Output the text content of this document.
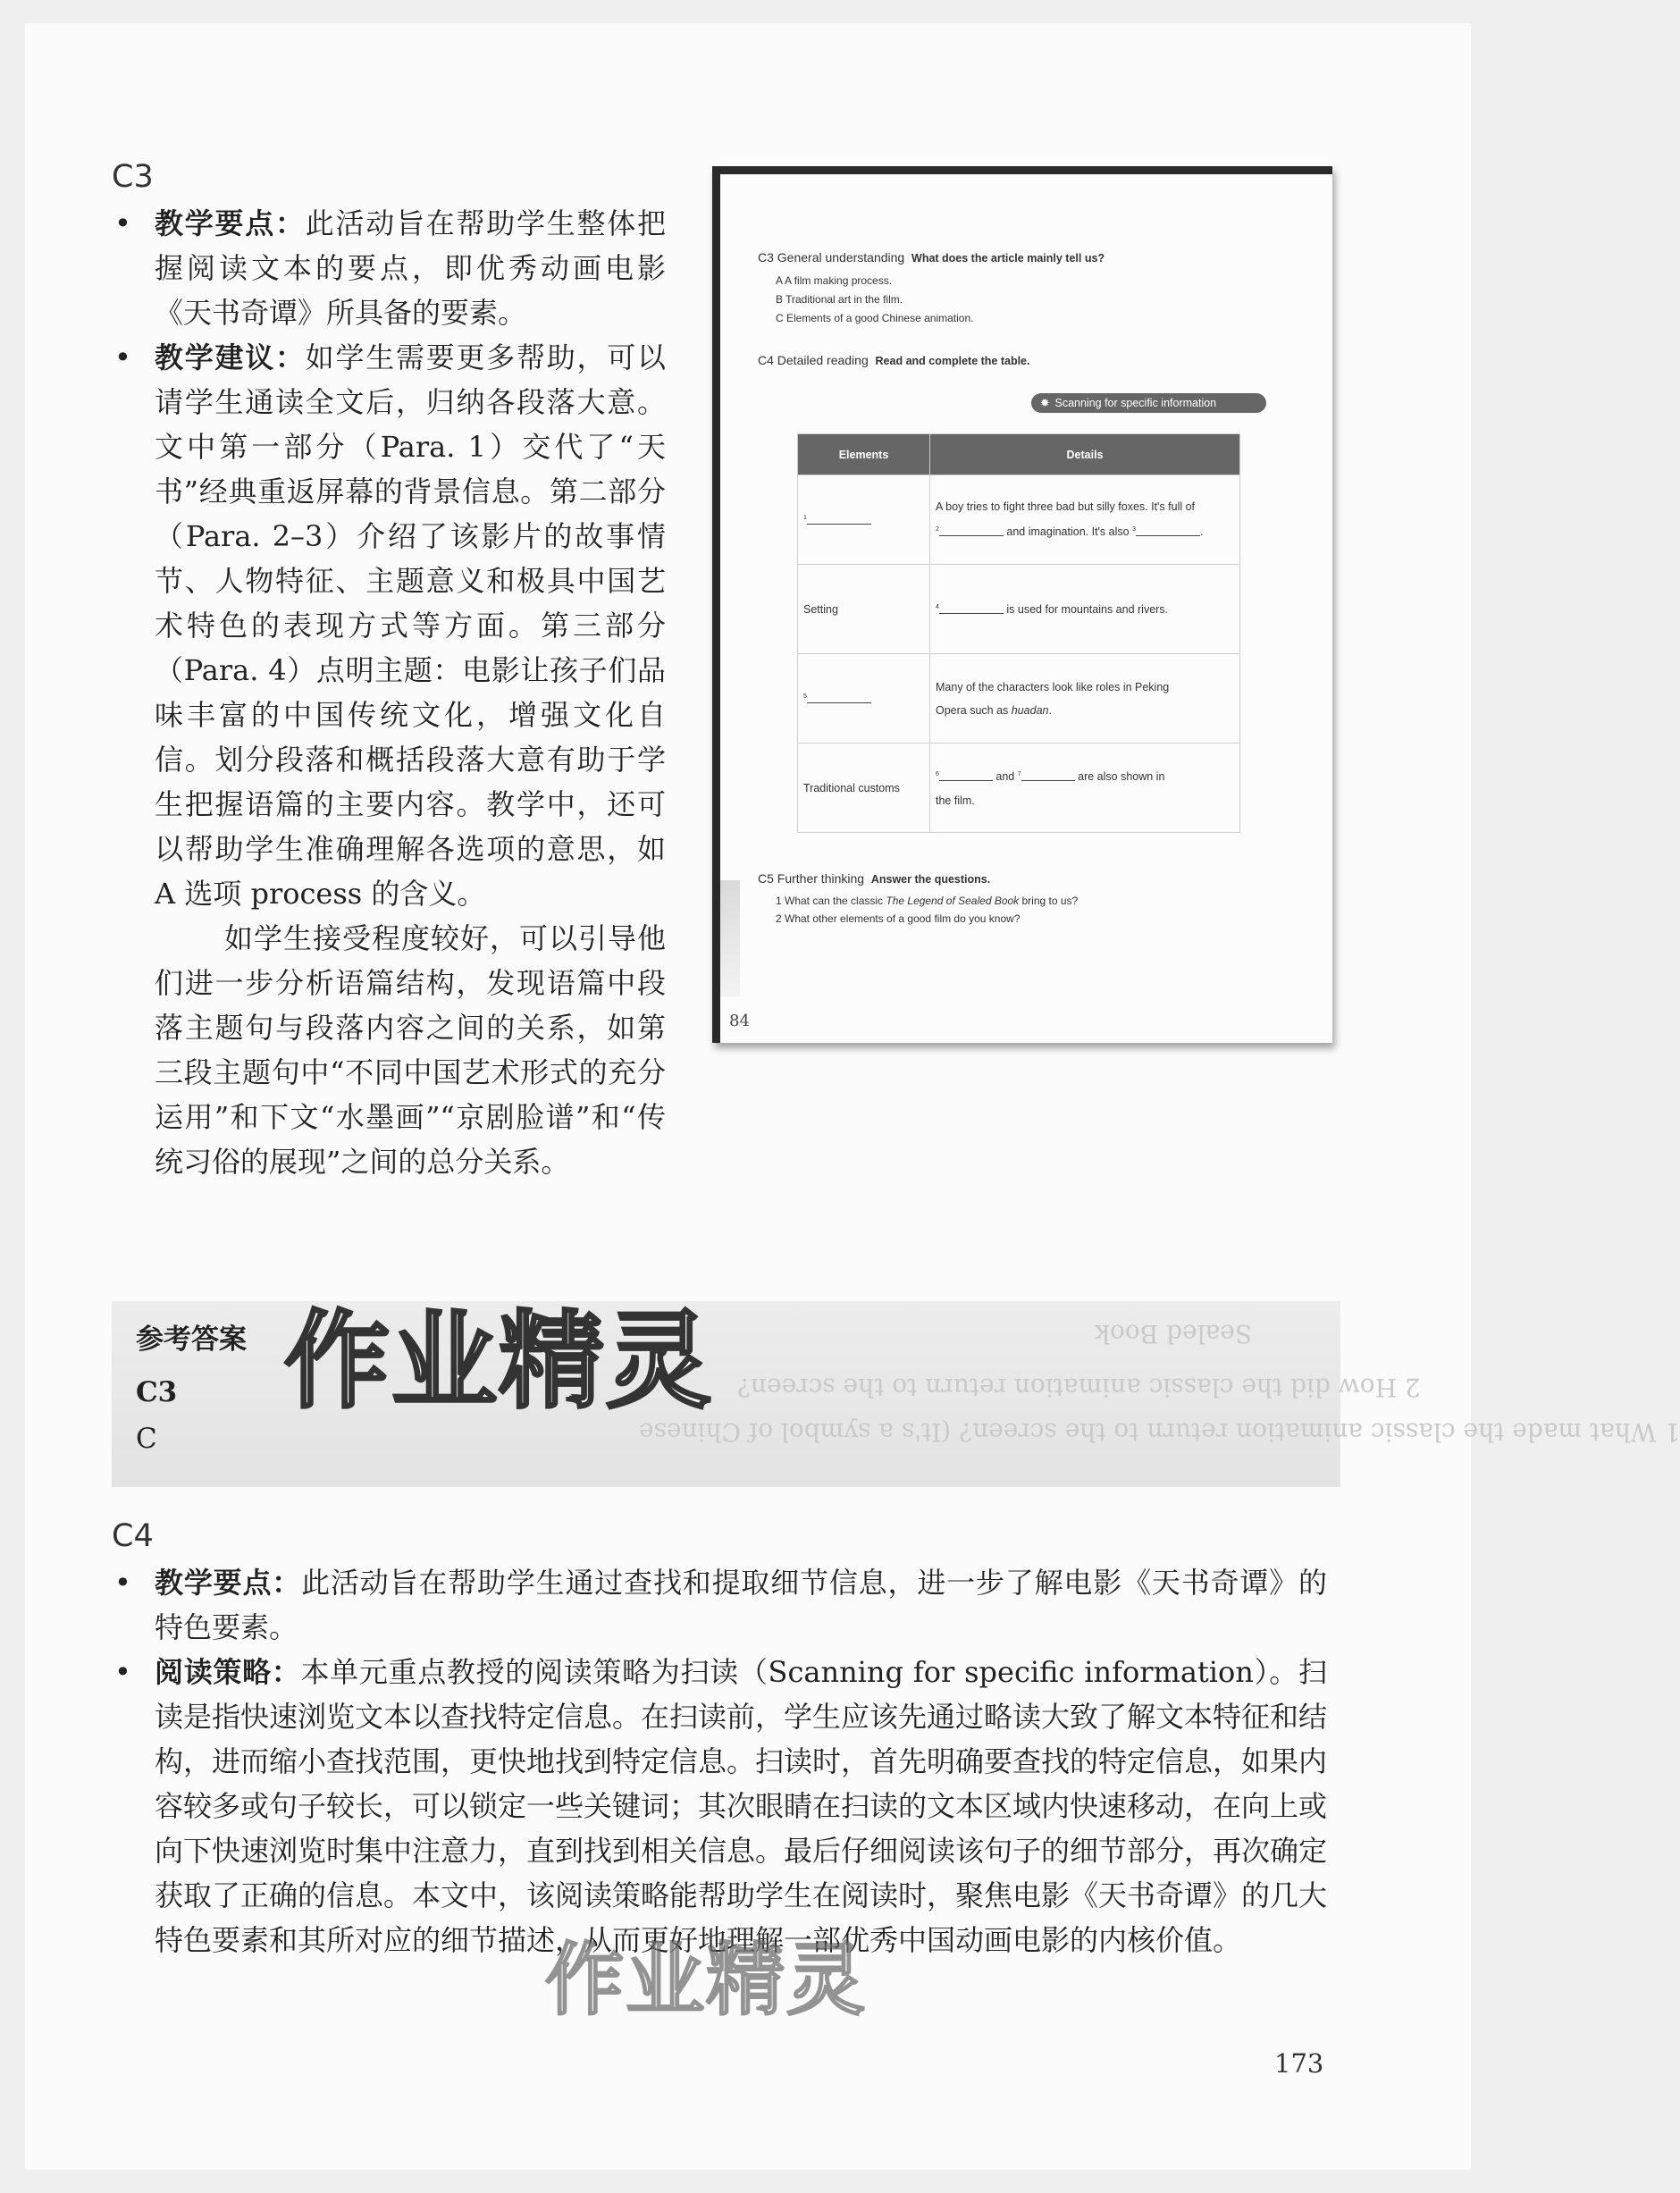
C3
• 教学要点：此活动旨在帮助学生整体把握阅读文本的要点，即优秀动画电影《天书奇谭》所具备的要素。
• 教学建议：如学生需要更多帮助，可以请学生通读全文后，归纳各段落大意。文中第一部分（Para. 1）交代了“天书”经典重返屏幕的背景信息。第二部分（Para. 2–3）介绍了该影片的故事情节、人物特征、主题意义和极具中国艺术特色的表现方式等方面。第三部分（Para. 4）点明主题：电影让孩子们品味丰富的中国传统文化，增强文化自信。划分段落和概括段落大意有助于学生把握语篇的主要内容。教学中，还可以帮助学生准确理解各选项的意思，如 A 选项 process 的含义。
如学生接受程度较好，可以引导他们进一步分析语篇结构，发现语篇中段落主题句与段落内容之间的关系，如第三段主题句中“不同中国艺术形式的充分运用”和下文“水墨画”“京剧脸谱”和“传统习俗的展现”之间的总分关系。
C3 General understanding What does the article mainly tell us?
A A film making process.
B Traditional art in the film.
C Elements of a good Chinese animation.
C4 Detailed reading Read and complete the table.
✹ Scanning for specific information
Elements	Details
$^1$	A boy tries to fight three bad but silly foxes. It's full of
$^2$ and imagination. It's also $^3$ .
Setting	$^4$ is used for mountains and rivers.
$^5$	Many of the characters look like roles in Peking
Opera such as huadan.
Traditional customs	$^6$ and $^7$ are also shown in
the film.
C5 Further thinking Answer the questions.
1 What can the classic The Legend of Sealed Book bring to us?
2 What other elements of a good film do you know?
84
1 What made the classic animation return to the screen? (It's a symbol of Chinese
2 How did the classic animation return to the screen?
Sealed Book
参考答案
C3
C
作业精灵
C4
• 教学要点：此活动旨在帮助学生通过查找和提取细节信息，进一步了解电影《天书奇谭》的特色要素。
• 阅读策略：本单元重点教授的阅读策略为扫读（Scanning for specific information）。扫读是指快速浏览文本以查找特定信息。在扫读前，学生应该先通过略读大致了解文本特征和结构，进而缩小查找范围，更快地找到特定信息。扫读时，首先明确要查找的特定信息，如果内容较多或句子较长，可以锁定一些关键词；其次眼睛在扫读的文本区域内快速移动，在向上或向下快速浏览时集中注意力，直到找到相关信息。最后仔细阅读该句子的细节部分，再次确定获取了正确的信息。本文中，该阅读策略能帮助学生在阅读时，聚焦电影《天书奇谭》的几大特色要素和其所对应的细节描述，从而更好地理解一部优秀中国动画电影的内核价值。
作业精灵
173
